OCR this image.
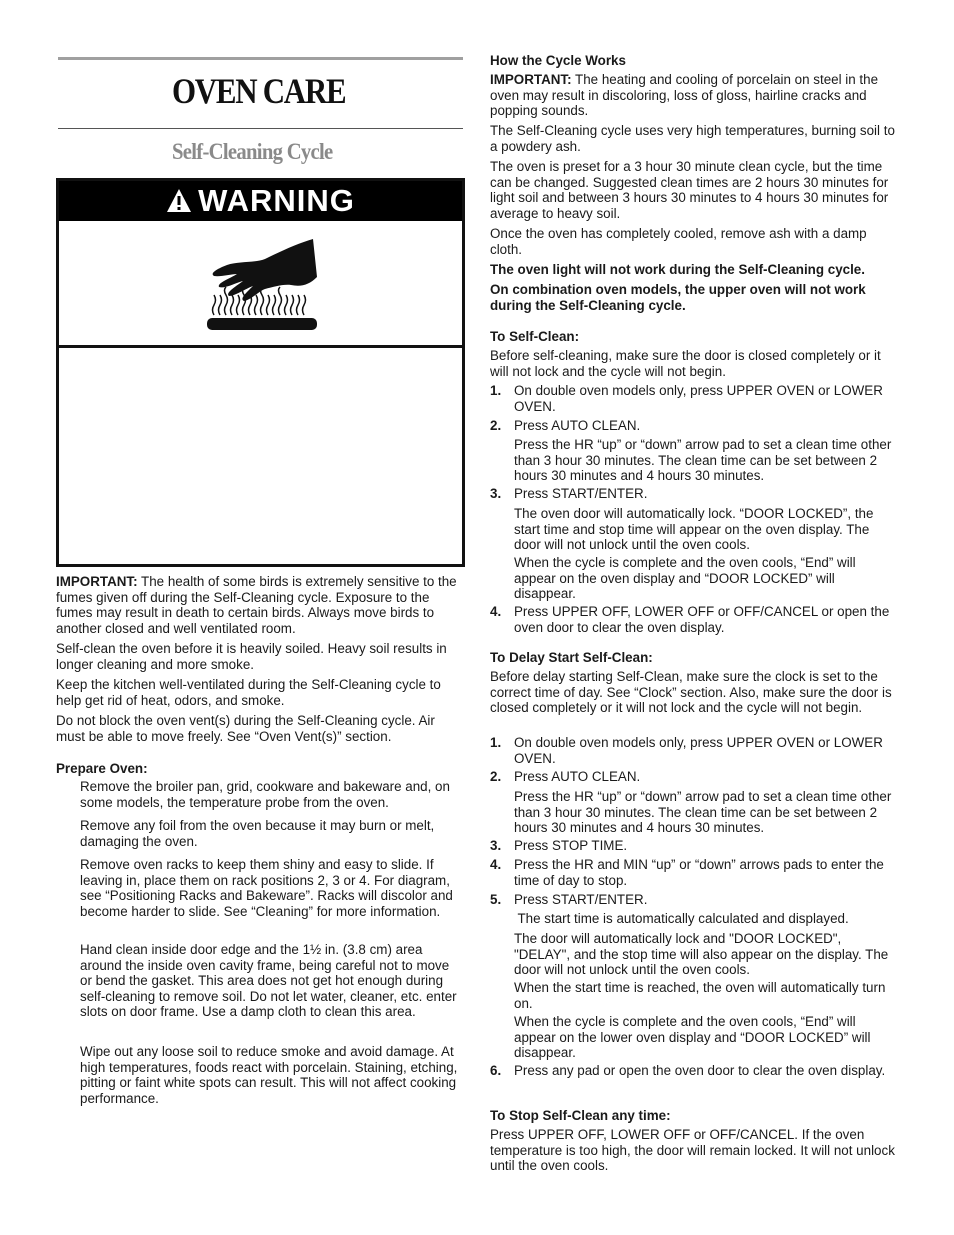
OVEN CARE
Self-Cleaning Cycle
WARNING

IMPORTANT: The health of some birds is extremely sensitive to the fumes given off during the Self-Cleaning cycle. Exposure to the fumes may result in death to certain birds. Always move birds to another closed and well ventilated room.

Self-clean the oven before it is heavily soiled. Heavy soil results in longer cleaning and more smoke.

Keep the kitchen well-ventilated during the Self-Cleaning cycle to help get rid of heat, odors, and smoke.

Do not block the oven vent(s) during the Self-Cleaning cycle. Air must be able to move freely. See “Oven Vent(s)” section.

Prepare Oven:

Remove the broiler pan, grid, cookware and bakeware and, on some models, the temperature probe from the oven.

Remove any foil from the oven because it may burn or melt, damaging the oven.

Remove oven racks to keep them shiny and easy to slide. If leaving in, place them on rack positions 2, 3 or 4. For diagram, see “Positioning Racks and Bakeware”. Racks will discolor and become harder to slide. See “Cleaning” for more information.

Hand clean inside door edge and the 1½ in. (3.8 cm) area around the inside oven cavity frame, being careful not to move or bend the gasket. This area does not get hot enough during self-cleaning to remove soil. Do not let water, cleaner, etc. enter slots on door frame. Use a damp cloth to clean this area.

Wipe out any loose soil to reduce smoke and avoid damage. At high temperatures, foods react with porcelain. Staining, etching, pitting or faint white spots can result. This will not affect cooking performance.

How the Cycle Works

IMPORTANT: The heating and cooling of porcelain on steel in the oven may result in discoloring, loss of gloss, hairline cracks and popping sounds.

The Self-Cleaning cycle uses very high temperatures, burning soil to a powdery ash.

The oven is preset for a 3 hour 30 minute clean cycle, but the time can be changed. Suggested clean times are 2 hours 30 minutes for light soil and between 3 hours 30 minutes to 4 hours 30 minutes for average to heavy soil.

Once the oven has completely cooled, remove ash with a damp cloth.

The oven light will not work during the Self-Cleaning cycle.

On combination oven models, the upper oven will not work during the Self-Cleaning cycle.

To Self-Clean:

Before self-cleaning, make sure the door is closed completely or it will not lock and the cycle will not begin.

1. On double oven models only, press UPPER OVEN or LOWER OVEN.

2. Press AUTO CLEAN.

Press the HR “up” or “down” arrow pad to set a clean time other than 3 hour 30 minutes. The clean time can be set between 2 hours 30 minutes and 4 hours 30 minutes.

3. Press START/ENTER.

The oven door will automatically lock. “DOOR LOCKED”, the start time and stop time will appear on the oven display. The door will not unlock until the oven cools.

When the cycle is complete and the oven cools, “End” will appear on the oven display and “DOOR LOCKED” will disappear.

4. Press UPPER OFF, LOWER OFF or OFF/CANCEL or open the oven door to clear the oven display.

To Delay Start Self-Clean:

Before delay starting Self-Clean, make sure the clock is set to the correct time of day. See “Clock” section. Also, make sure the door is closed completely or it will not lock and the cycle will not begin.

1. On double oven models only, press UPPER OVEN or LOWER OVEN.

2. Press AUTO CLEAN.

Press the HR “up” or “down” arrow pad to set a clean time other than 3 hour 30 minutes. The clean time can be set between 2 hours 30 minutes and 4 hours 30 minutes.

3. Press STOP TIME.

4. Press the HR and MIN “up” or “down” arrows pads to enter the time of day to stop.

5. Press START/ENTER.

The start time is automatically calculated and displayed.

The door will automatically lock and "DOOR LOCKED", "DELAY", and the stop time will also appear on the display. The door will not unlock until the oven cools.

When the start time is reached, the oven will automatically turn on.

When the cycle is complete and the oven cools, “End” will appear on the lower oven display and “DOOR LOCKED” will disappear.

6. Press any pad or open the oven door to clear the oven display.

To Stop Self-Clean any time:

Press UPPER OFF, LOWER OFF or OFF/CANCEL. If the oven temperature is too high, the door will remain locked. It will not unlock until the oven cools.
